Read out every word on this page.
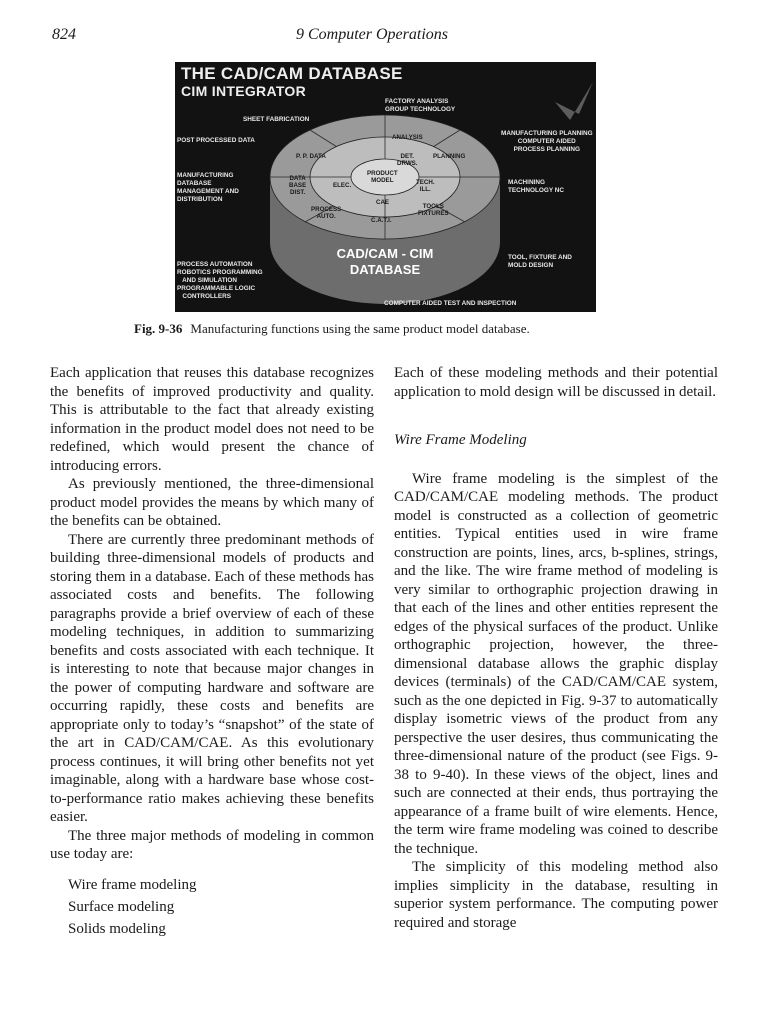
824	9 Computer Operations
THE CAD/CAM DATABASE
CIM INTEGRATOR
SHEET FABRICATION
FACTORY ANALYSIS
GROUP TECHNOLOGY
POST PROCESSED DATA
MANUFACTURING PLANNING
COMPUTER AIDED
PROCESS PLANNING
MANUFACTURING
DATABASE
MANAGEMENT AND
DISTRIBUTION
MACHINING
TECHNOLOGY NC
PROCESS AUTOMATION
ROBOTICS PROGRAMMING
AND SIMULATION
PROGRAMMABLE LOGIC
CONTROLLERS
TOOL, FIXTURE AND
MOLD DESIGN
COMPUTER AIDED TEST AND INSPECTION
ANALYSIS
P. P. DATA	PLANNING
DET.
DRWS.
DATA
BASE
DIST.
ELEC.
PRODUCT
MODEL	TECH.
ILL.
CAE
PROCESS
AUTO.
TOOLS
FIXTURES
C.A.T.I.
CAD/CAM - CIM
DATABASE
Fig. 9-36 Manufacturing functions using the same product model database.

Each application that reuses this database recognizes the benefits of improved productivity and quality. This is attributable to the fact that already existing information in the product model does not need to be redefined, which would present the chance of introducing errors.

As previously mentioned, the three-dimensional product model provides the means by which many of the benefits can be obtained.

There are currently three predominant methods of building three-dimensional models of products and storing them in a database. Each of these methods has associated costs and benefits. The following paragraphs provide a brief overview of each of these modeling techniques, in addition to summarizing benefits and costs associated with each technique. It is interesting to note that because major changes in the power of computing hardware and software are occurring rapidly, these costs and benefits are appropriate only to today’s “snapshot” of the state of the art in CAD/CAM/CAE. As this evolutionary process continues, it will bring other benefits not yet imaginable, along with a hardware base whose cost-to-performance ratio makes achieving these benefits easier.

The three major methods of modeling in common use today are:

Wire frame modeling
Surface modeling
Solids modeling

Each of these modeling methods and their potential application to mold design will be discussed in detail.

Wire Frame Modeling

Wire frame modeling is the simplest of the CAD/CAM/CAE modeling methods. The product model is constructed as a collection of geometric entities. Typical entities used in wire frame construction are points, lines, arcs, b-splines, strings, and the like. The wire frame method of modeling is very similar to orthographic projection drawing in that each of the lines and other entities represent the edges of the physical surfaces of the product. Unlike orthographic projection, however, the three-dimensional database allows the graphic display devices (terminals) of the CAD/CAM/CAE system, such as the one depicted in Fig. 9-37 to automatically display isometric views of the product from any perspective the user desires, thus communicating the three-dimensional nature of the product (see Figs. 9-38 to 9-40). In these views of the object, lines and such are connected at their ends, thus portraying the appearance of a frame built of wire elements. Hence, the term wire frame modeling was coined to describe the technique.

The simplicity of this modeling method also implies simplicity in the database, resulting in superior system performance. The computing power required and storage
